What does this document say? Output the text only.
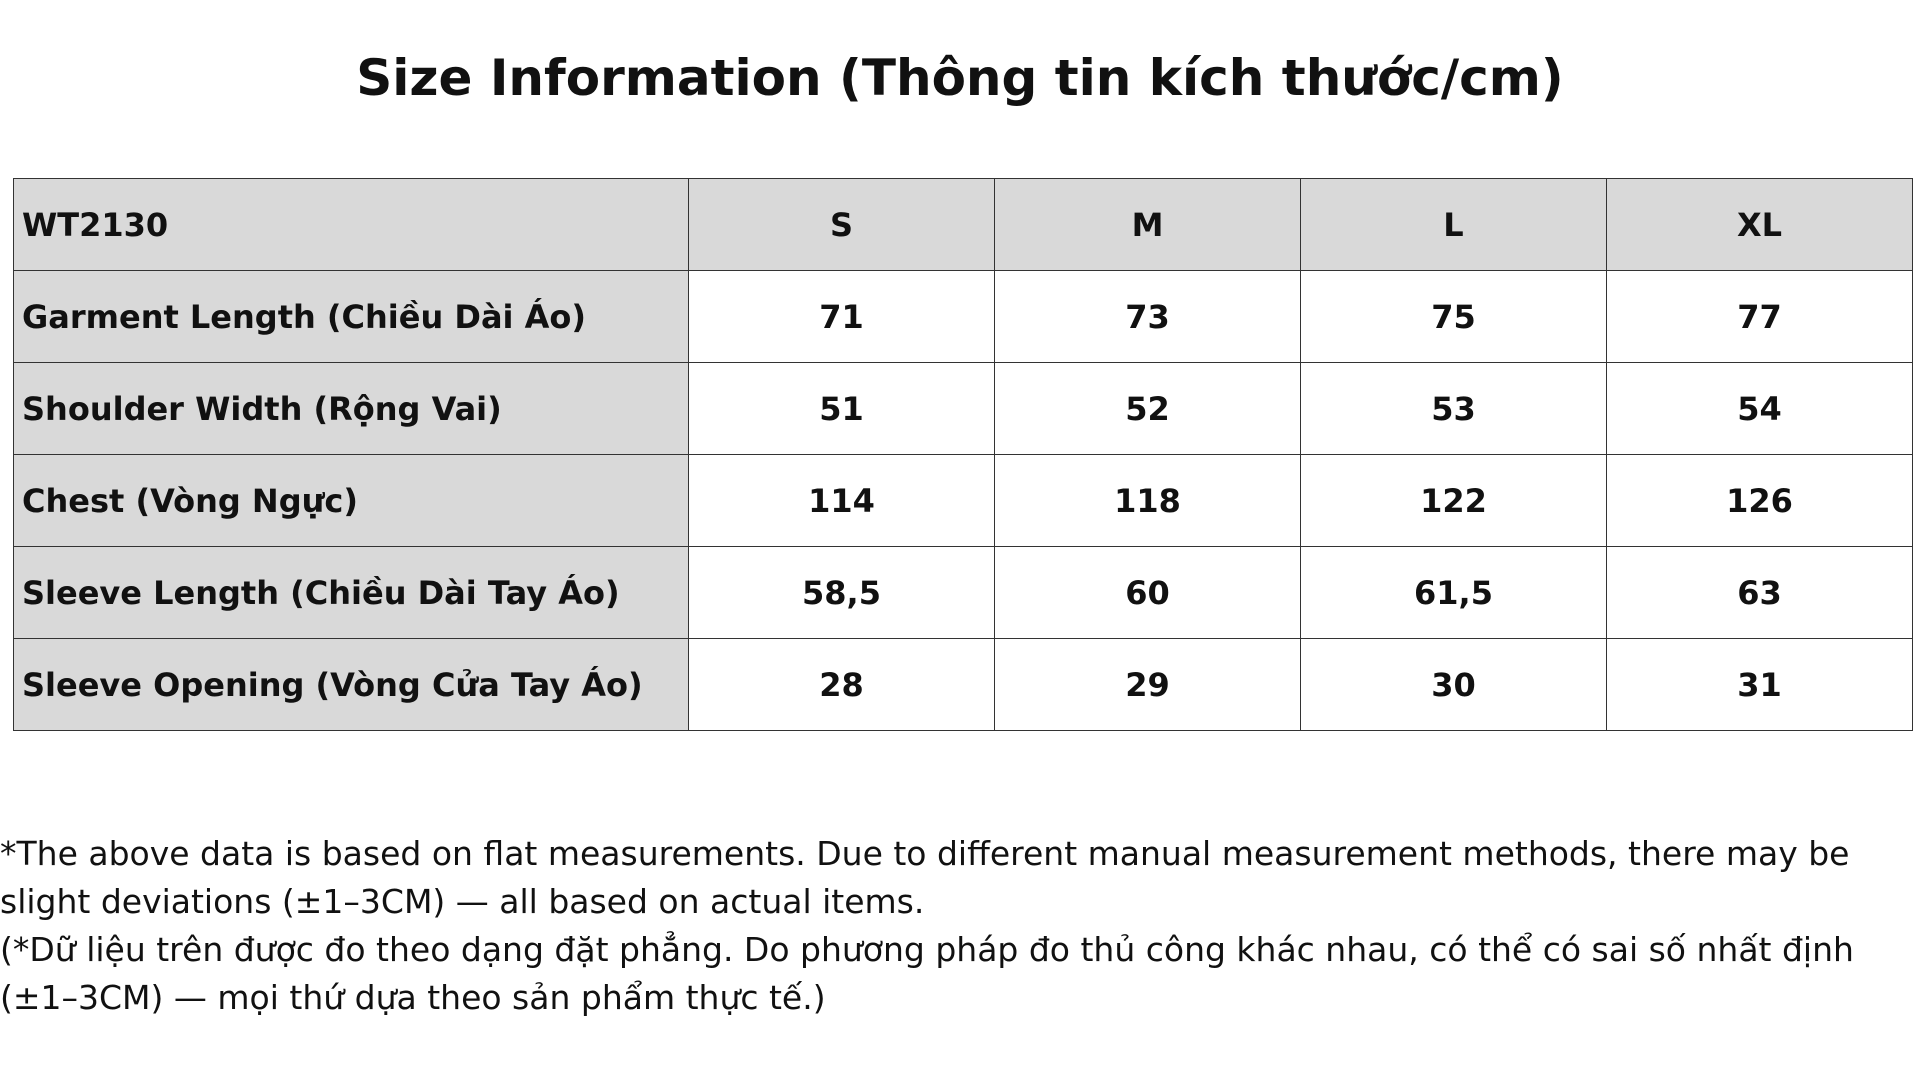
Size Information (Thông tin kích thước/cm)
WT2130	S	M	L	XL
Garment Length (Chiều Dài Áo)	71	73	75	77
Shoulder Width (Rộng Vai)	51	52	53	54
Chest (Vòng Ngực)	114	118	122	126
Sleeve Length (Chiều Dài Tay Áo)	58,5	60	61,5	63
Sleeve Opening (Vòng Cửa Tay Áo)	28	29	30	31

*The above data is based on flat measurements. Due to different manual measurement methods, there may be slight deviations (±1–3CM) — all based on actual items.

(*Dữ liệu trên được đo theo dạng đặt phẳng. Do phương pháp đo thủ công khác nhau, có thể có sai số nhất định (±1–3CM) — mọi thứ dựa theo sản phẩm thực tế.)
